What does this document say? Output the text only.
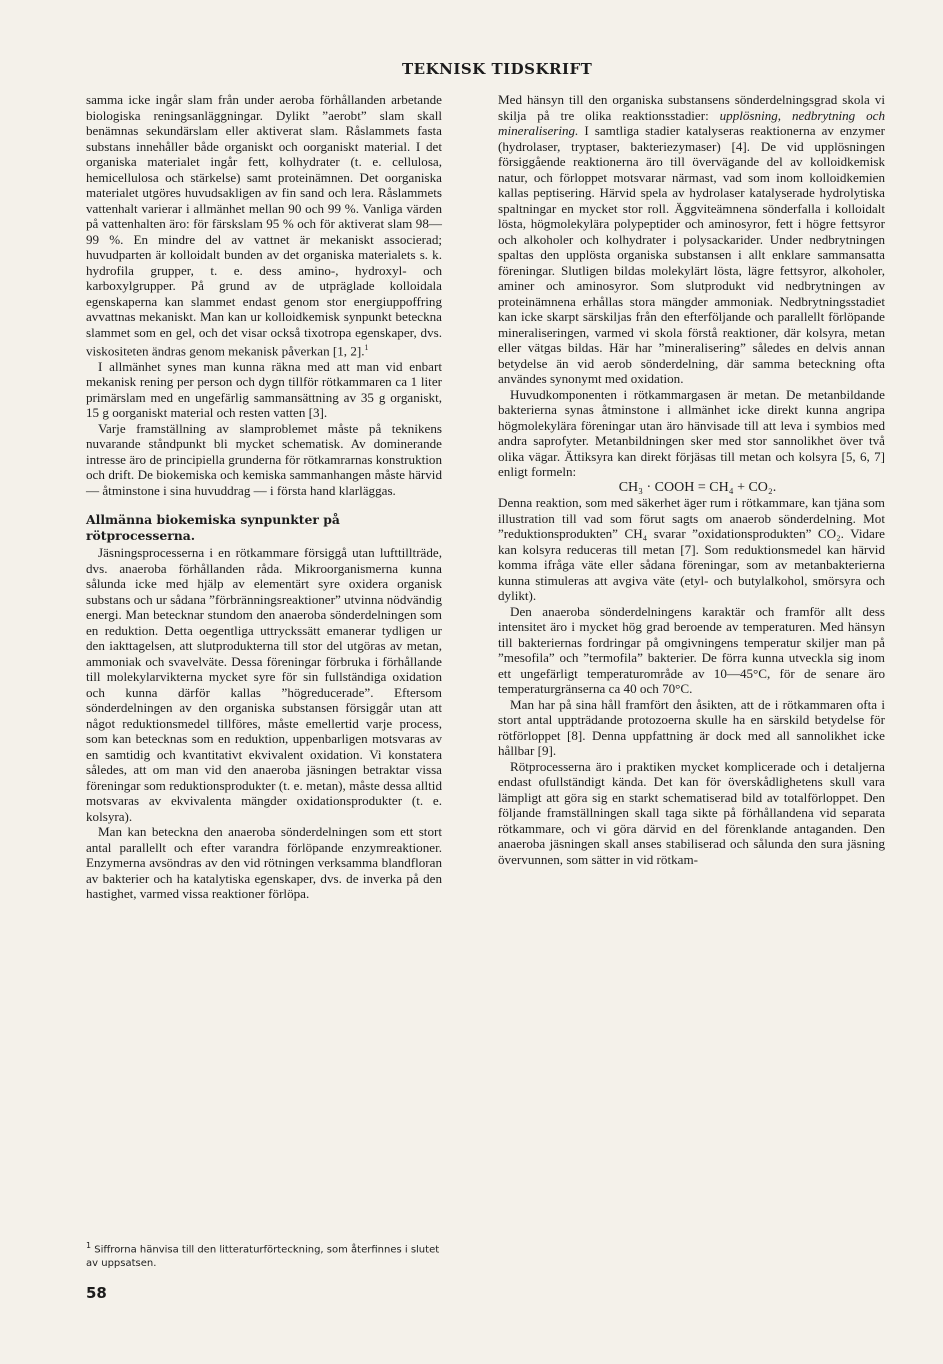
TEKNISK TIDSKRIFT

samma icke ingår slam från under aeroba förhållanden arbetande biologiska reningsanläggningar. Dylikt ”aerobt” slam skall benämnas sekundärslam eller aktiverat slam. Råslammets fasta substans innehåller både organiskt och oorganiskt material. I det organiska materialet ingår fett, kolhydrater (t. e. cellulosa, hemicellulosa och stärkelse) samt proteinämnen. Det oorganiska materialet utgöres huvudsakligen av fin sand och lera. Råslammets vattenhalt varierar i allmänhet mellan 90 och 99 %. Vanliga värden på vattenhalten äro: för färskslam 95 % och för aktiverat slam 98—99 %. En mindre del av vattnet är mekaniskt associerad; huvudparten är kolloidalt bunden av det organiska materialets s. k. hydrofila grupper, t. e. dess amino-, hydroxyl- och karboxylgrupper. På grund av de utpräglade kolloidala egenskaperna kan slammet endast genom stor energiuppoffring avvattnas mekaniskt. Man kan ur kolloidkemisk synpunkt beteckna slammet som en gel, och det visar också tixotropa egenskaper, dvs. viskositeten ändras genom mekanisk påverkan [1, 2].$^1$

I allmänhet synes man kunna räkna med att man vid enbart mekanisk rening per person och dygn tillför rötkammaren ca 1 liter primärslam med en ungefärlig sammansättning av 35 g organiskt, 15 g oorganiskt material och resten vatten [3].

Varje framställning av slamproblemet måste på teknikens nuvarande ståndpunkt bli mycket schematisk. Av dominerande intresse äro de principiella grunderna för rötkamrarnas konstruktion och drift. De biokemiska och kemiska sammanhangen måste härvid — åtminstone i sina huvuddrag — i första hand klarläggas.

Allmänna biokemiska synpunkter på rötprocesserna.

Jäsningsprocesserna i en rötkammare försiggå utan lufttillträde, dvs. anaeroba förhållanden råda. Mikroorganismerna kunna sålunda icke med hjälp av elementärt syre oxidera organisk substans och ur sådana ”förbränningsreaktioner” utvinna nödvändig energi. Man betecknar stundom den anaeroba sönderdelningen som en reduktion. Detta oegentliga uttryckssätt emanerar tydligen ur den iakttagelsen, att slutprodukterna till stor del utgöras av metan, ammoniak och svavelväte. Dessa föreningar förbruka i förhållande till molekylarvikterna mycket syre för sin fullständiga oxidation och kunna därför kallas ”högreducerade”. Eftersom sönderdelningen av den organiska substansen försiggår utan att något reduktionsmedel tillföres, måste emellertid varje process, som kan betecknas som en reduktion, uppenbarligen motsvaras av en samtidig och kvantitativt ekvivalent oxidation. Vi konstatera således, att om man vid den anaeroba jäsningen betraktar vissa föreningar som reduktionsprodukter (t. e. metan), måste dessa alltid motsvaras av ekvivalenta mängder oxidationsprodukter (t. e. kolsyra).

Man kan beteckna den anaeroba sönderdelningen som ett stort antal parallellt och efter varandra förlöpande enzymreaktioner. Enzymerna avsöndras av den vid rötningen verksamma blandfloran av bakterier och ha katalytiska egenskaper, dvs. de inverka på den hastighet, varmed vissa reaktioner förlöpa.

$^1$ Siffrorna hänvisa till den litteraturförteckning, som återfinnes i slutet av uppsatsen.
58

Med hänsyn till den organiska substansens sönderdelningsgrad skola vi skilja på tre olika reaktionsstadier: upplösning, nedbrytning och mineralisering. I samtliga stadier katalyseras reaktionerna av enzymer (hydrolaser, tryptaser, bakteriezymaser) [4]. De vid upplösningen försiggående reaktionerna äro till övervägande del av kolloidkemisk natur, och förloppet motsvarar närmast, vad som inom kolloidkemien kallas peptisering. Härvid spela av hydrolaser katalyserade hydrolytiska spaltningar en mycket stor roll. Äggviteämnena sönderfalla i kolloidalt lösta, högmolekylära polypeptider och aminosyror, fett i högre fettsyror och alkoholer och kolhydrater i polysackarider. Under nedbrytningen spaltas den upplösta organiska substansen i allt enklare sammansatta föreningar. Slutligen bildas molekylärt lösta, lägre fettsyror, alkoholer, aminer och aminosyror. Som slutprodukt vid nedbrytningen av proteinämnena erhållas stora mängder ammoniak. Nedbrytningsstadiet kan icke skarpt särskiljas från den efterföljande och parallellt förlöpande mineraliseringen, varmed vi skola förstå reaktioner, där kolsyra, metan eller vätgas bildas. Här har ”mineralisering” således en delvis annan betydelse än vid aerob sönderdelning, där samma beteckning ofta användes synonymt med oxidation.

Huvudkomponenten i rötkammargasen är metan. De metanbildande bakterierna synas åtminstone i allmänhet icke direkt kunna angripa högmolekylära föreningar utan äro hänvisade till att leva i symbios med andra saprofyter. Metanbildningen sker med stor sannolikhet över två olika vägar. Ättiksyra kan direkt förjäsas till metan och kolsyra [5, 6, 7] enligt formeln:

CH₃ · COOH = CH₄ + CO₂.

Denna reaktion, som med säkerhet äger rum i rötkammare, kan tjäna som illustration till vad som förut sagts om anaerob sönderdelning. Mot ”reduktionsprodukten” CH₄ svarar ”oxidationsprodukten” CO₂. Vidare kan kolsyra reduceras till metan [7]. Som reduktionsmedel kan härvid komma ifråga väte eller sådana föreningar, som av metanbakterierna kunna stimuleras att avgiva väte (etyl- och butylalkohol, smörsyra och dylikt).

Den anaeroba sönderdelningens karaktär och framför allt dess intensitet äro i mycket hög grad beroende av temperaturen. Med hänsyn till bakteriernas fordringar på omgivningens temperatur skiljer man på ”mesofila” och ”termofila” bakterier. De förra kunna utveckla sig inom ett ungefärligt temperaturområde av 10—45°C, för de senare äro temperaturgränserna ca 40 och 70°C.

Man har på sina håll framfört den åsikten, att de i rötkammaren ofta i stort antal uppträdande protozoerna skulle ha en särskild betydelse för rötförloppet [8]. Denna uppfattning är dock med all sannolikhet icke hållbar [9].

Rötprocesserna äro i praktiken mycket komplicerade och i detaljerna endast ofullständigt kända. Det kan för överskådlighetens skull vara lämpligt att göra sig en starkt schematiserad bild av totalförloppet. Den följande framställningen skall taga sikte på förhållandena vid separata rötkammare, och vi göra därvid en del förenklande antaganden. Den anaeroba jäsningen skall anses stabiliserad och sålunda den sura jäsning övervunnen, som sätter in vid rötkam-
